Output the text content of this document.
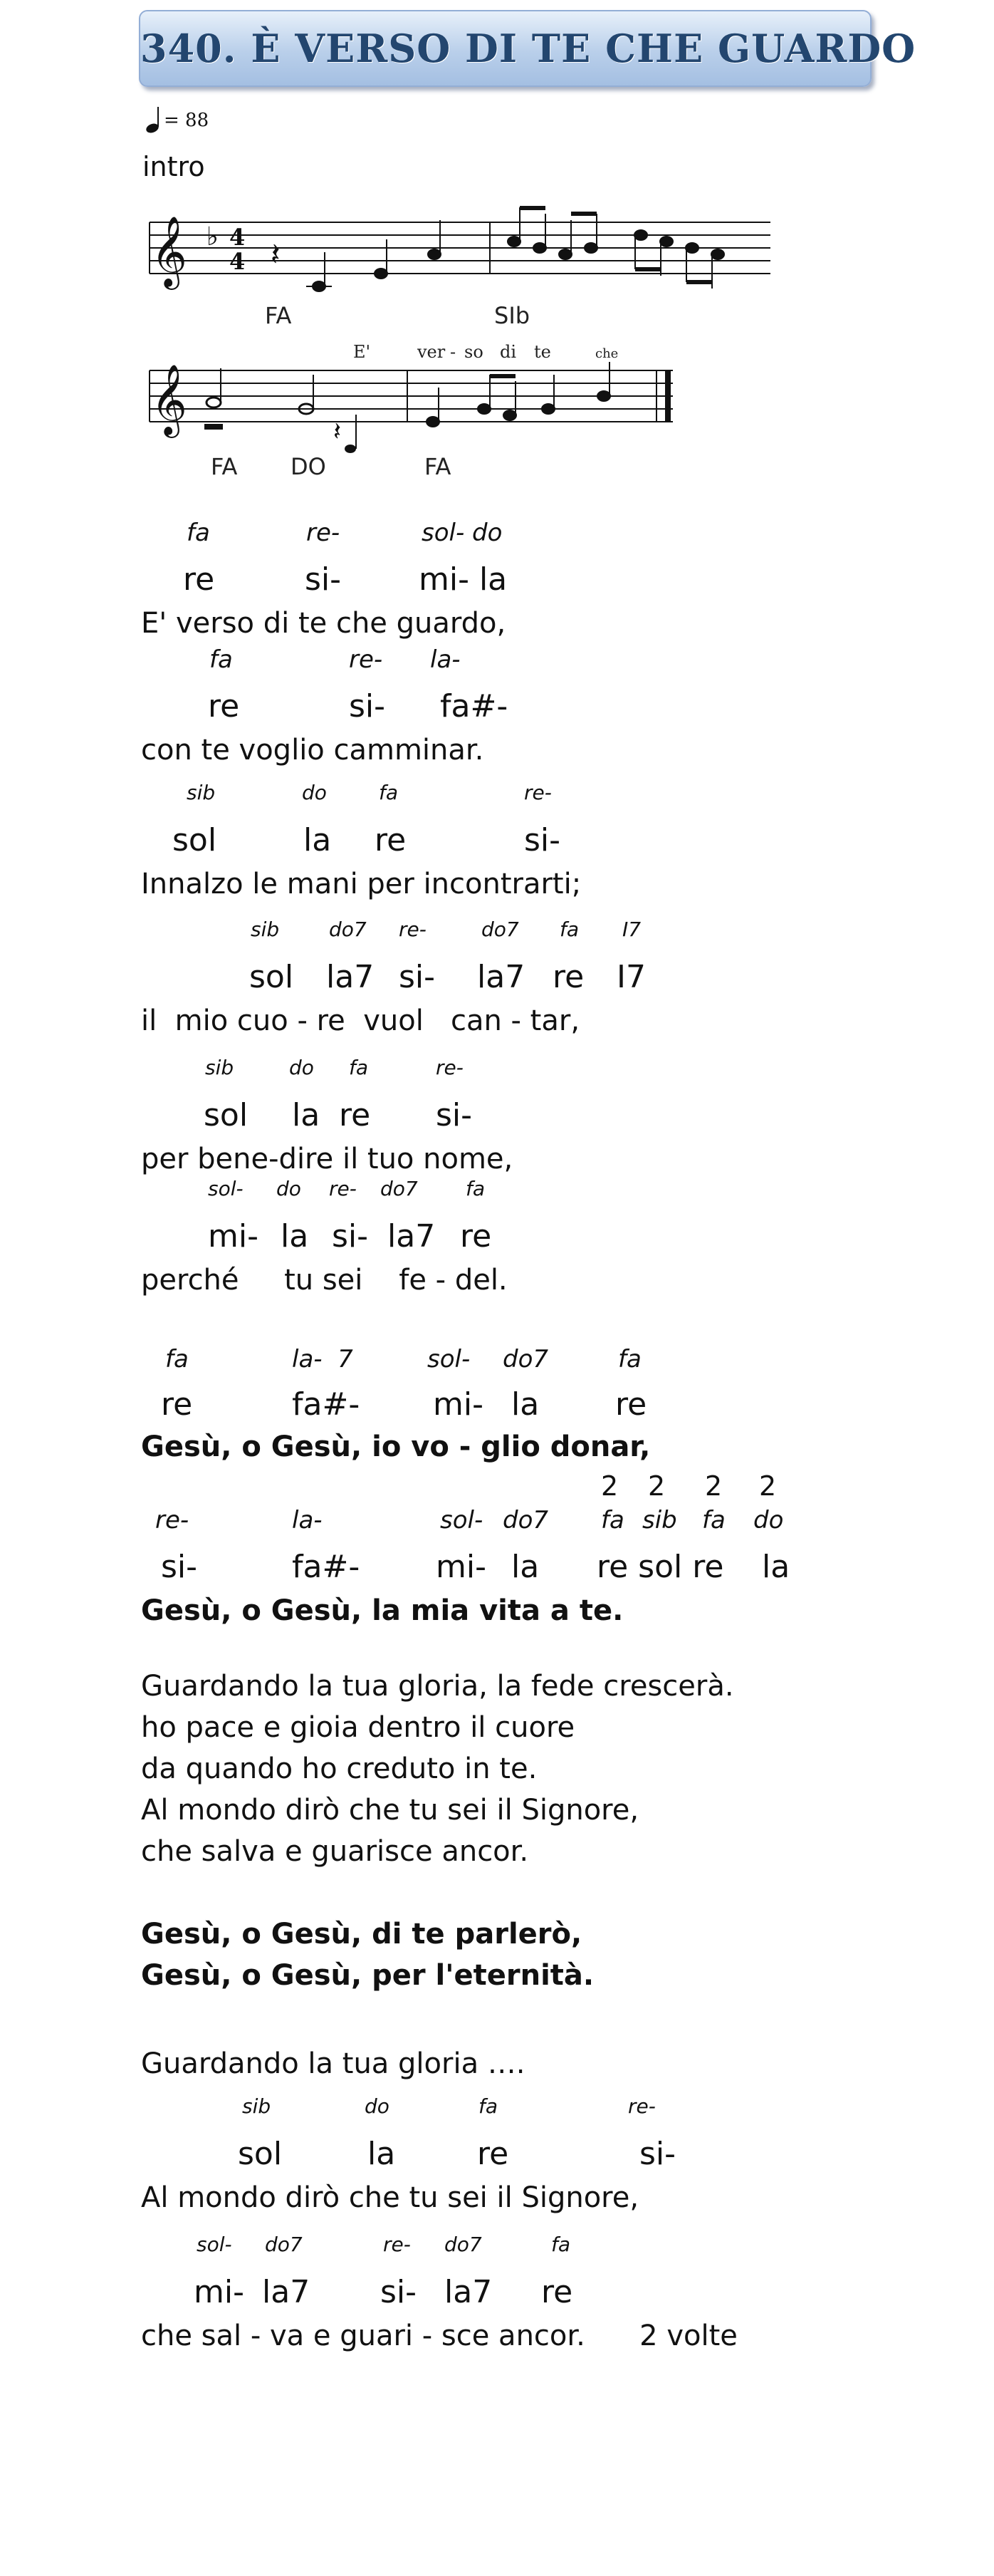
340. È VERSO DI TE CHE GUARDO

= 88

intro
𝄞 ♭ 4
4 𝄽
FA	SIb
𝄞	𝄽
E'	ver - so di te	che
FA DO	FA
fa	re-	sol- do
re	si- mi- la
E' verso di te che guardo,
fa	re- la-
re	si- fa#-
con te voglio camminar.
sib	do	fa	re-
sol	la re	si-
Innalzo le mani per incontrarti;
sib do7 re-	do7 fa I7
sol la7 si- la7 re I7
il  mio cuo - re  vuol   can - tar,
sib	do fa	re-
sol la re si-
per bene-dire il tuo nome,
sol- do re- do7 fa
mi- la si- la7 re
perché     tu sei    fe - del.
fa	la-  7	sol- do7	fa
re	fa#- mi- la re
Gesù, o Gesù, io vo - glio donar,
2 2 2 2
re-	la-	sol- do7 fa sib fa do
si-	fa#- mi- la re sol re la
Gesù, o Gesù, la mia vita a te.
Guardando la tua gloria, la fede crescerà.
ho pace e gioia dentro il cuore
da quando ho creduto in te.
Al mondo dirò che tu sei il Signore,
che salva e guarisce ancor.
Gesù, o Gesù, di te parlerò,
Gesù, o Gesù, per l'eternità.
Guardando la tua gloria ….
sib	do	fa	re-
sol	la	re	si-
Al mondo dirò che tu sei il Signore,
sol- do7	re- do7	fa
mi- la7 si- la7 re
che sal - va e guari - sce ancor.      2 volte
